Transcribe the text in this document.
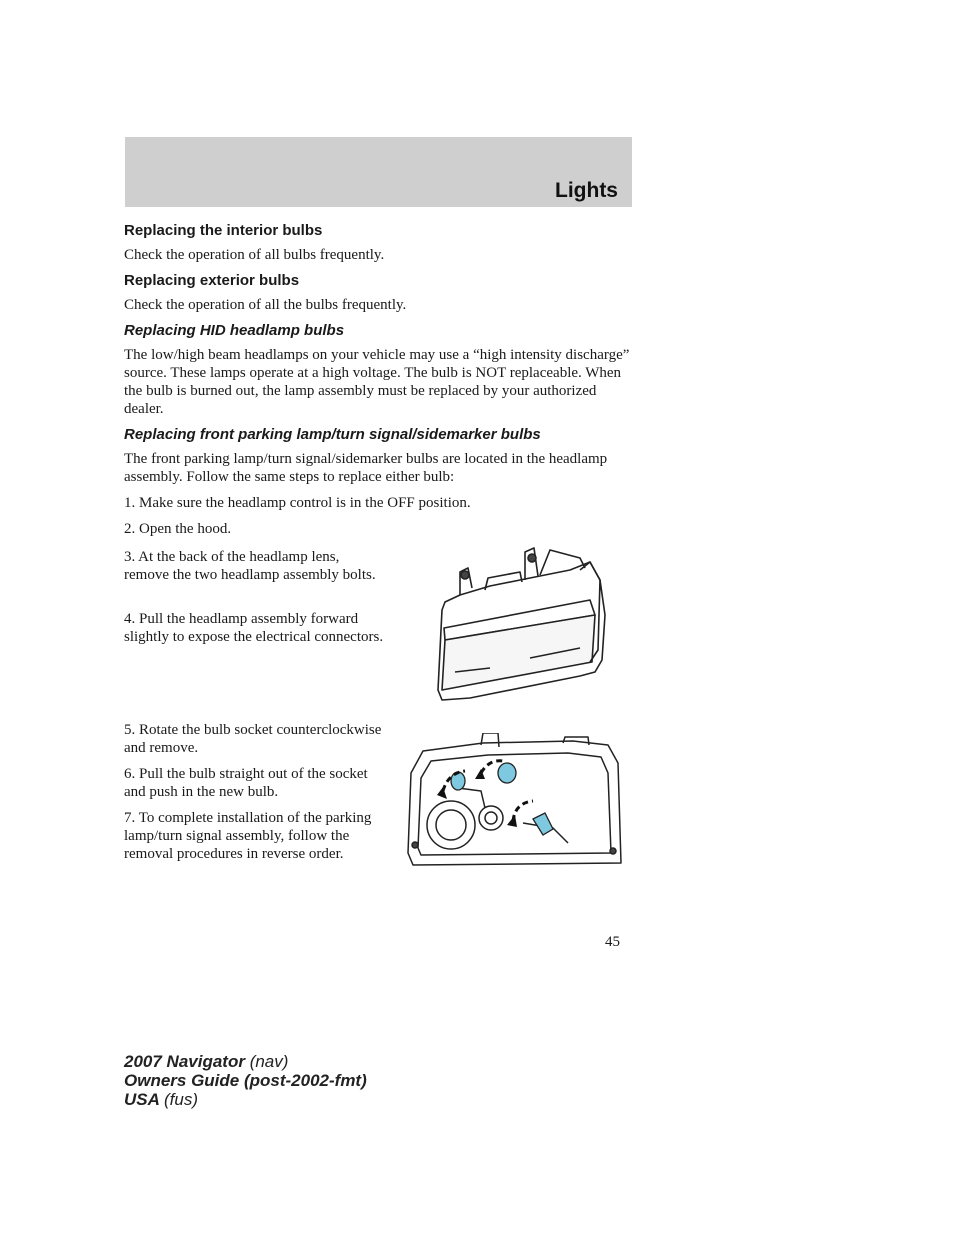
Lights
Replacing the interior bulbs

Check the operation of all bulbs frequently.

Replacing exterior bulbs

Check the operation of all the bulbs frequently.

Replacing HID headlamp bulbs

The low/high beam headlamps on your vehicle may use a “high intensity discharge” source. These lamps operate at a high voltage. The bulb is NOT replaceable. When the bulb is burned out, the lamp assembly must be replaced by your authorized dealer.

Replacing front parking lamp/turn signal/sidemarker bulbs

The front parking lamp/turn signal/sidemarker bulbs are located in the headlamp assembly. Follow the same steps to replace either bulb:

1. Make sure the headlamp control is in the OFF position.

2. Open the hood.

3. At the back of the headlamp lens, remove the two headlamp assembly bolts.

4. Pull the headlamp assembly forward slightly to expose the electrical connectors.

5. Rotate the bulb socket counterclockwise and remove.

6. Pull the bulb straight out of the socket and push in the new bulb.

7. To complete installation of the parking lamp/turn signal assembly, follow the removal procedures in reverse order.

45
2007 Navigator (nav)
Owners Guide (post-2002-fmt)
USA (fus)
